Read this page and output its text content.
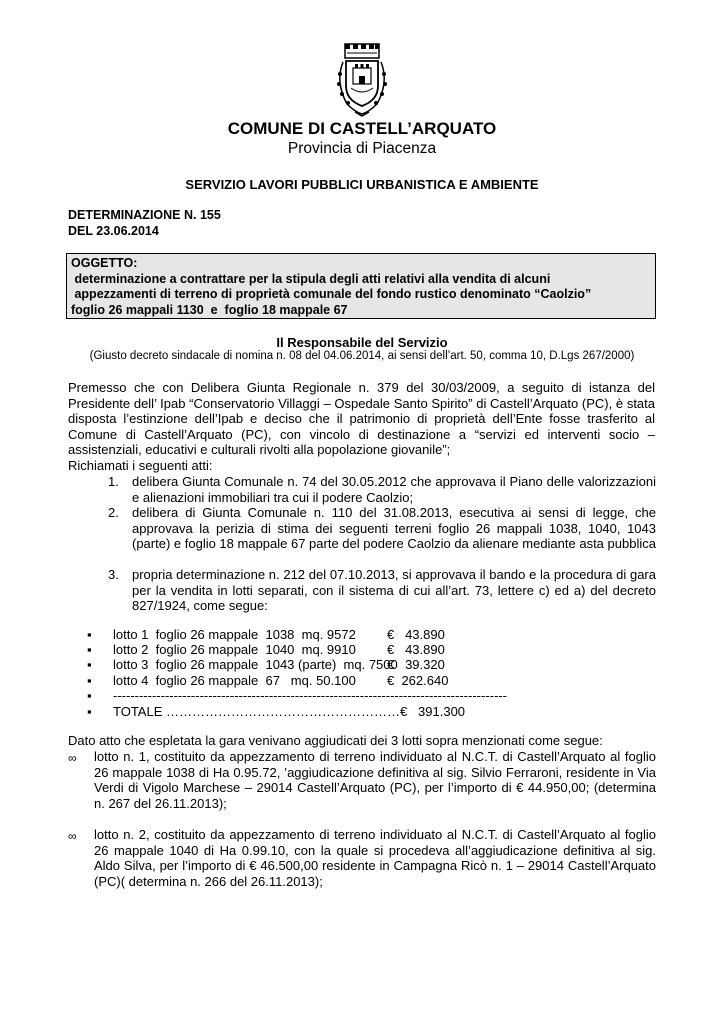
COMUNE DI CASTELL’ARQUATO
Provincia di Piacenza
SERVIZIO LAVORI PUBBLICI URBANISTICA E AMBIENTE
DETERMINAZIONE N. 155
DEL 23.06.2014
OGGETTO:
determinazione a contrattare per la stipula degli atti relativi alla vendita di alcuni
appezzamenti di terreno di proprietà comunale del fondo rustico denominato “Caolzio”
foglio 26 mappali 1130  e  foglio 18 mappale 67
Il Responsabile del Servizio
(Giusto decreto sindacale di nomina n. 08 del 04.06.2014, ai sensi dell’art. 50, comma 10, D.Lgs 267/2000)

Premesso che con Delibera Giunta Regionale n. 379 del 30/03/2009, a seguito di istanza del Presidente dell’ Ipab “Conservatorio Villaggi – Ospedale Santo Spirito” di Castell’Arquato (PC), è stata disposta l’estinzione dell’Ipab e deciso che il patrimonio di proprietà dell’Ente fosse trasferito al Comune di Castell’Arquato (PC), con vincolo di destinazione a “servizi ed interventi socio – assistenziali, educativi e culturali rivolti alla popolazione giovanile”;

Richiamati i seguenti atti:
1. delibera Giunta Comunale n. 74 del 30.05.2012 che approvava il Piano delle valorizzazioni e alienazioni immobiliari tra cui il podere Caolzio;
2. delibera di Giunta Comunale n. 110 del 31.08.2013, esecutiva ai sensi di legge, che approvava la perizia di stima dei seguenti terreni foglio 26 mappali 1038, 1040, 1043 (parte) e foglio 18 mappale 67 parte del podere Caolzio da alienare mediante asta pubblica
3. propria determinazione n. 212 del 07.10.2013, si approvava il bando e la procedura di gara per la vendita in lotti separati, con il sistema di cui all’art. 73, lettere c) ed a) del decreto 827/1924, come segue:
▪ lotto 1  foglio 26 mappale  1038  mq. 9572 €   43.890
▪ lotto 2  foglio 26 mappale  1040  mq. 9910 €   43.890
▪ lotto 3  foglio 26 mappale  1043 (parte)  mq. 7500
€   39.320
▪ lotto 4  foglio 26 mappale  67   mq. 50.100 €  262.640
▪ -------------------------------------------------------------------------------------------
▪ TOTALE ………………………………………………€   391.300
Dato atto che espletata la gara venivano aggiudicati dei 3 lotti sopra menzionati come segue:
∞ lotto n. 1, costituito da appezzamento di terreno individuato al N.C.T. di Castell’Arquato al foglio 26 mappale 1038 di Ha 0.95.72, ’aggiudicazione definitiva al sig. Silvio Ferraroni, residente in Via Verdi di Vigolo Marchese – 29014 Castell’Arquato (PC), per l’importo di € 44.950,00; (determina n. 267 del 26.11.2013);

∞ lotto n. 2, costituito da appezzamento di terreno individuato al N.C.T. di Castell’Arquato al foglio 26 mappale 1040 di Ha 0.99.10, con la quale si procedeva all’aggiudicazione definitiva al sig. Aldo Silva, per l’importo di € 46.500,00 residente in Campagna Ricò n. 1 – 29014 Castell’Arquato (PC)( determina n. 266 del 26.11.2013);
